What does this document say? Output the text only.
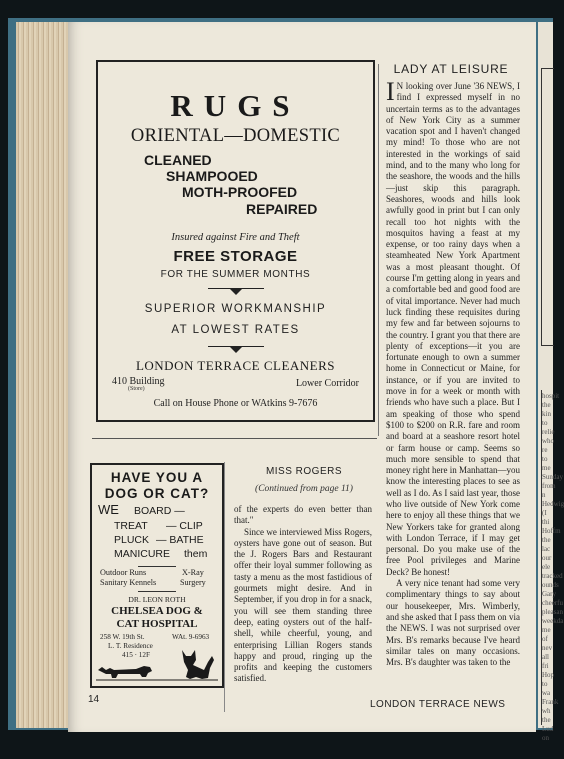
hospit the kin to relie who re to me Sunday from n Hedwig (I thi Hoffm the lac our ele tracked ounds Gary cheerfu pleasan weekda me of nev all fri Hop to wa Frank wh the Lud on
RUGS
ORIENTAL—DOMESTIC
CLEANED
SHAMPOOED
MOTH-PROOFED
REPAIRED
Insured against Fire and Theft
FREE STORAGE
FOR THE SUMMER MONTHS
SUPERIOR WORKMANSHIP
AT LOWEST RATES
LONDON TERRACE CLEANERS
410 Building
(Store)	Lower Corridor
Call on House Phone or WAtkins 9-7676
HAVE YOU A
DOG OR CAT?
WE BOARD —
TREAT — CLIP
PLUCK — BATHE
MANICURE them
Outdoor Runs	X-Ray
Sanitary Kennels	Surgery
DR. LEON ROTH
CHELSEA DOG &
CAT HOSPITAL
258 W. 19th St.	WAt. 9-6963
L. T. Residence
415 · 12F
MISS ROGERS
(Continued from page 11)

of the experts do even better than that."

Since we interviewed Miss Rogers, oysters have gone out of season. But the J. Rogers Bars and Restaurant offer their loyal summer following as tasty a menu as the most fastidious of gourmets might desire. And in September, if you drop in for a snack, you will see them standing three deep, eating oysters out of the half-shell, while cheerful, young, and enterprising Lillian Rogers stands happy and proud, ringing up the profits and keeping the customers satisfied.

LADY AT LEISURE

I N looking over June '36 NEWS, I find I expressed myself in no uncertain terms as to the advantages of New York City as a summer vacation spot and I haven't changed my mind! To those who are not interested in the workings of said mind, and to the many who long for the seashore, the woods and the hills—just skip this paragraph. Seashores, woods and hills look awfully good in print but I can only recall too hot nights with the mosquitos having a feast at my expense, or too rainy days when a steamheated New York Apartment was a most pleasant thought. Of course I'm getting along in years and a comfortable bed and good food are of vital importance. Never had much luck finding these requisites during my few and far between sojourns to the country. I grant you that there are plenty of exceptions—it you are fortunate enough to own a summer home in Connecticut or Maine, for instance, or if you are invited to move in for a week or month with friends who have such a place. But I am speaking of those who spend $100 to $200 on R.R. fare and room and board at a seashore resort hotel or farm house or camp. Seems so much more sensible to spend that money right here in Manhattan—you know the interesting places to see as well as I do. As I said last year, those who live outside of New York come here to enjoy all these things that we New Yorkers take for granted along with London Terrace, if I may get personal. Do you make use of the free Pool privileges and Marine Deck? Be honest!

A very nice tenant had some very complimentary things to say about our housekeeper, Mrs. Wimberly, and she asked that I pass them on via the NEWS. I was not surprised over Mrs. B's remarks because I've heard similar tales on many occasions. Mrs. B's daughter was taken to the

14	LONDON TERRACE NEWS
